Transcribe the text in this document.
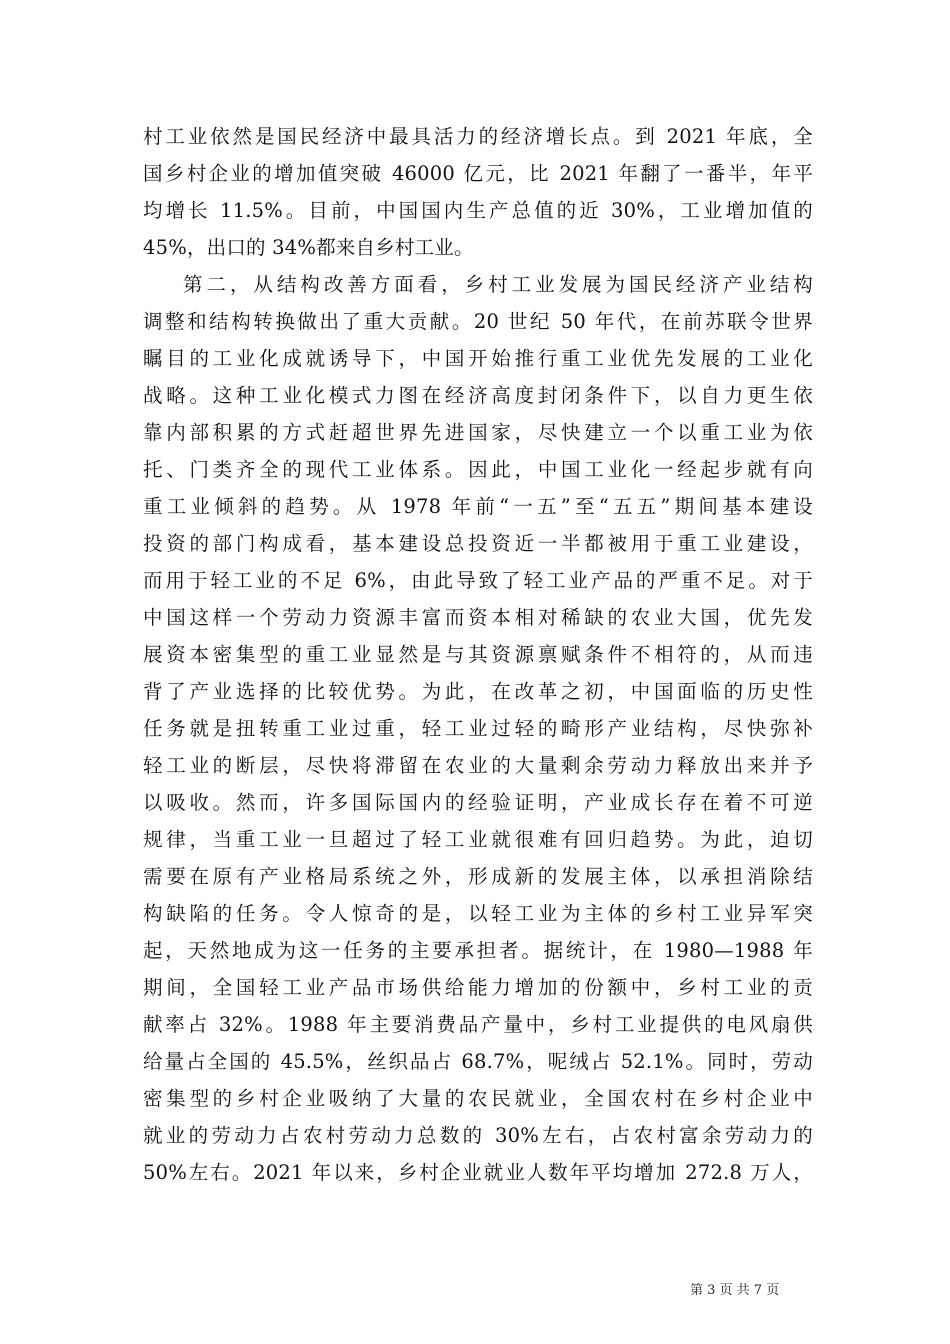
村工业依然是国民经济中最具活力的经济增长点。到 2021 年底，全
国乡村企业的增加值突破 46000 亿元，比 2021 年翻了一番半，年平
均增长 11.5%。目前，中国国内生产总值的近 30%，工业增加值的
45%，出口的 34%都来自乡村工业。
第二，从结构改善方面看，乡村工业发展为国民经济产业结构
调整和结构转换做出了重大贡献。20 世纪 50 年代，在前苏联令世界
瞩目的工业化成就诱导下，中国开始推行重工业优先发展的工业化
战略。这种工业化模式力图在经济高度封闭条件下，以自力更生依
靠内部积累的方式赶超世界先进国家，尽快建立一个以重工业为依
托、门类齐全的现代工业体系。因此，中国工业化一经起步就有向
重工业倾斜的趋势。从 1978 年前“一五”至“五五”期间基本建设
投资的部门构成看，基本建设总投资近一半都被用于重工业建设，
而用于轻工业的不足 6%，由此导致了轻工业产品的严重不足。对于
中国这样一个劳动力资源丰富而资本相对稀缺的农业大国，优先发
展资本密集型的重工业显然是与其资源禀赋条件不相符的，从而违
背了产业选择的比较优势。为此，在改革之初，中国面临的历史性
任务就是扭转重工业过重，轻工业过轻的畸形产业结构，尽快弥补
轻工业的断层，尽快将滞留在农业的大量剩余劳动力释放出来并予
以吸收。然而，许多国际国内的经验证明，产业成长存在着不可逆
规律，当重工业一旦超过了轻工业就很难有回归趋势。为此，迫切
需要在原有产业格局系统之外，形成新的发展主体，以承担消除结
构缺陷的任务。令人惊奇的是，以轻工业为主体的乡村工业异军突
起，天然地成为这一任务的主要承担者。据统计，在 1980—1988 年
期间，全国轻工业产品市场供给能力增加的份额中，乡村工业的贡
献率占 32%。1988 年主要消费品产量中，乡村工业提供的电风扇供
给量占全国的 45.5%，丝织品占 68.7%，呢绒占 52.1%。同时，劳动
密集型的乡村企业吸纳了大量的农民就业，全国农村在乡村企业中
就业的劳动力占农村劳动力总数的 30%左右，占农村富余劳动力的
50%左右。2021 年以来，乡村企业就业人数年平均增加 272.8 万人，
第 3 页 共 7 页
